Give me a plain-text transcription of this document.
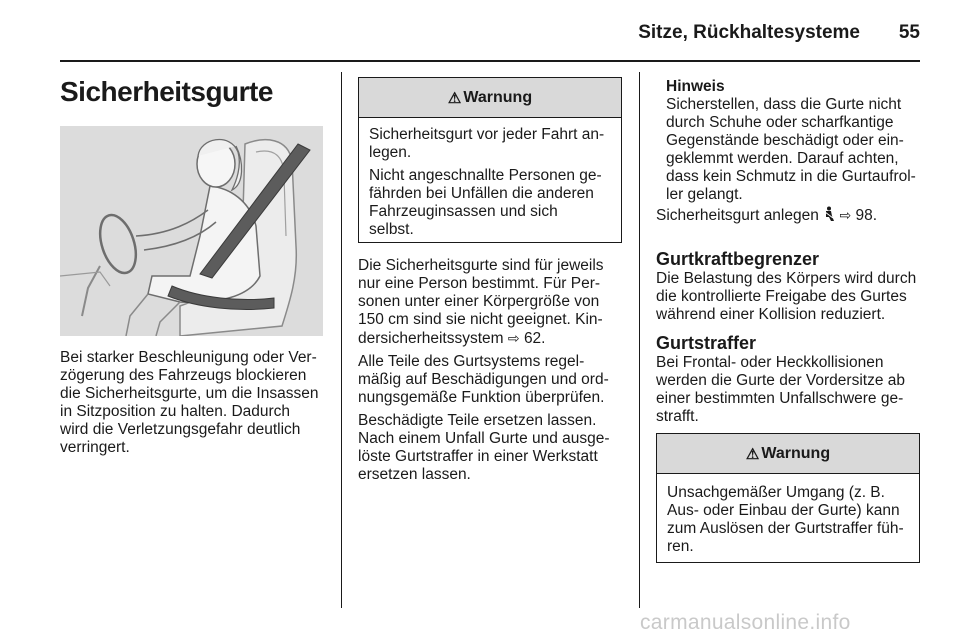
Sitze, Rückhaltesysteme	55
Sicherheitsgurte
Bei starker Beschleunigung oder Ver-
zögerung des Fahrzeugs blockieren
die Sicherheitsgurte, um die Insassen
in Sitzposition zu halten. Dadurch
wird die Verletzungsgefahr deutlich
verringert.
⚠ Warnung
Sicherheitsgurt vor jeder Fahrt an-
legen.
Nicht angeschnallte Personen ge-
fährden bei Unfällen die anderen
Fahrzeuginsassen und sich
selbst.
Die Sicherheitsgurte sind für jeweils
nur eine Person bestimmt. Für Per-
sonen unter einer Körpergröße von
150 cm sind sie nicht geeignet. Kin-
dersicherheitssystem ⇨ 62.
Alle Teile des Gurtsystems regel-
mäßig auf Beschädigungen und ord-
nungsgemäße Funktion überprüfen.
Beschädigte Teile ersetzen lassen.
Nach einem Unfall Gurte und ausge-
löste Gurtstraffer in einer Werkstatt
ersetzen lassen.
Hinweis
Sicherstellen, dass die Gurte nicht
durch Schuhe oder scharfkantige
Gegenstände beschädigt oder ein-
geklemmt werden. Darauf achten,
dass kein Schmutz in die Gurtaufrol-
ler gelangt.
Sicherheitsgurt anlegen ⇨ 98.
Gurtkraftbegrenzer
Die Belastung des Körpers wird durch
die kontrollierte Freigabe des Gurtes
während einer Kollision reduziert.
Gurtstraffer
Bei Frontal- oder Heckkollisionen
werden die Gurte der Vordersitze ab
einer bestimmten Unfallschwere ge-
strafft.
⚠ Warnung
Unsachgemäßer Umgang (z. B.
Aus- oder Einbau der Gurte) kann
zum Auslösen der Gurtstraffer füh-
ren.
carmanualsonline.info
